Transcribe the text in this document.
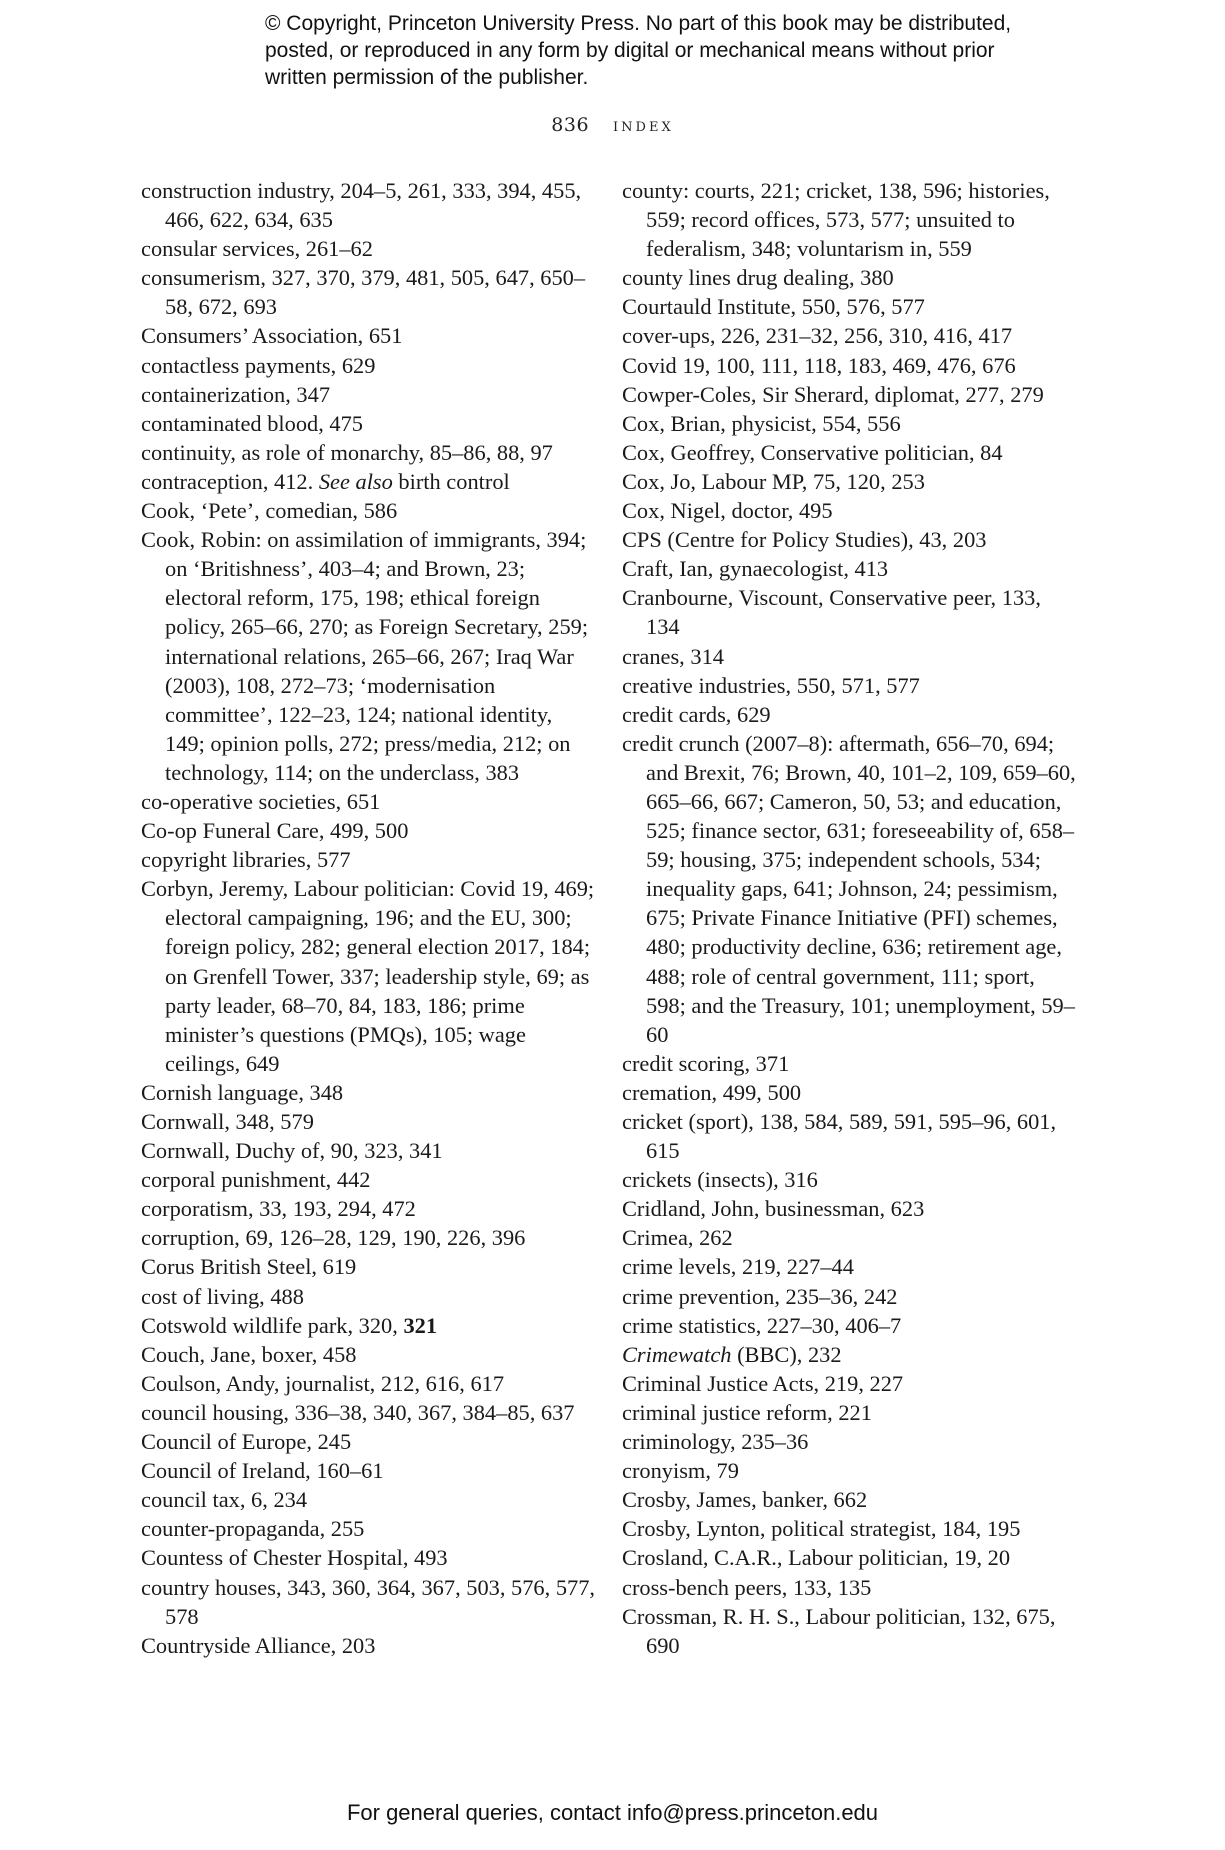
© Copyright, Princeton University Press. No part of this book may be distributed, posted, or reproduced in any form by digital or mechanical means without prior written permission of the publisher.
836 index

construction industry, 204–5, 261, 333, 394, 455, 466, 622, 634, 635

consular services, 261–62

consumerism, 327, 370, 379, 481, 505, 647, 650–58, 672, 693

Consumers’ Association, 651

contactless payments, 629

containerization, 347

contaminated blood, 475

continuity, as role of monarchy, 85–86, 88, 97

contraception, 412. See also birth control

Cook, ‘Pete’, comedian, 586

Cook, Robin: on assimilation of immigrants, 394; on ‘Britishness’, 403–4; and Brown, 23; electoral reform, 175, 198; ethical foreign policy, 265–66, 270; as Foreign Secretary, 259; international relations, 265–66, 267; Iraq War (2003), 108, 272–73; ‘modernisation committee’, 122–23, 124; national identity, 149; opinion polls, 272; press/media, 212; on technology, 114; on the underclass, 383

co-operative societies, 651

Co-op Funeral Care, 499, 500

copyright libraries, 577

Corbyn, Jeremy, Labour politician: Covid 19, 469; electoral campaigning, 196; and the EU, 300; foreign policy, 282; general election 2017, 184; on Grenfell Tower, 337; leadership style, 69; as party leader, 68–70, 84, 183, 186; prime minister’s questions (PMQs), 105; wage ceilings, 649

Cornish language, 348

Cornwall, 348, 579

Cornwall, Duchy of, 90, 323, 341

corporal punishment, 442

corporatism, 33, 193, 294, 472

corruption, 69, 126–28, 129, 190, 226, 396

Corus British Steel, 619

cost of living, 488

Cotswold wildlife park, 320, 321

Couch, Jane, boxer, 458

Coulson, Andy, journalist, 212, 616, 617

council housing, 336–38, 340, 367, 384–85, 637

Council of Europe, 245

Council of Ireland, 160–61

council tax, 6, 234

counter-propaganda, 255

Countess of Chester Hospital, 493

country houses, 343, 360, 364, 367, 503, 576, 577, 578

Countryside Alliance, 203

county: courts, 221; cricket, 138, 596; histories, 559; record offices, 573, 577; unsuited to federalism, 348; voluntarism in, 559

county lines drug dealing, 380

Courtauld Institute, 550, 576, 577

cover-ups, 226, 231–32, 256, 310, 416, 417

Covid 19, 100, 111, 118, 183, 469, 476, 676

Cowper-Coles, Sir Sherard, diplomat, 277, 279

Cox, Brian, physicist, 554, 556

Cox, Geoffrey, Conservative politician, 84

Cox, Jo, Labour MP, 75, 120, 253

Cox, Nigel, doctor, 495

CPS (Centre for Policy Studies), 43, 203

Craft, Ian, gynaecologist, 413

Cranbourne, Viscount, Conservative peer, 133, 134

cranes, 314

creative industries, 550, 571, 577

credit cards, 629

credit crunch (2007–8): aftermath, 656–70, 694; and Brexit, 76; Brown, 40, 101–2, 109, 659–60, 665–66, 667; Cameron, 50, 53; and education, 525; finance sector, 631; foreseeability of, 658–59; housing, 375; independent schools, 534; inequality gaps, 641; Johnson, 24; pessimism, 675; Private Finance Initiative (PFI) schemes, 480; productivity decline, 636; retirement age, 488; role of central government, 111; sport, 598; and the Treasury, 101; unemployment, 59–60

credit scoring, 371

cremation, 499, 500

cricket (sport), 138, 584, 589, 591, 595–96, 601, 615

crickets (insects), 316

Cridland, John, businessman, 623

Crimea, 262

crime levels, 219, 227–44

crime prevention, 235–36, 242

crime statistics, 227–30, 406–7

Crimewatch (BBC), 232

Criminal Justice Acts, 219, 227

criminal justice reform, 221

criminology, 235–36

cronyism, 79

Crosby, James, banker, 662

Crosby, Lynton, political strategist, 184, 195

Crosland, C.A.R., Labour politician, 19, 20

cross-bench peers, 133, 135

Crossman, R. H. S., Labour politician, 132, 675, 690

For general queries, contact info@press.princeton.edu
